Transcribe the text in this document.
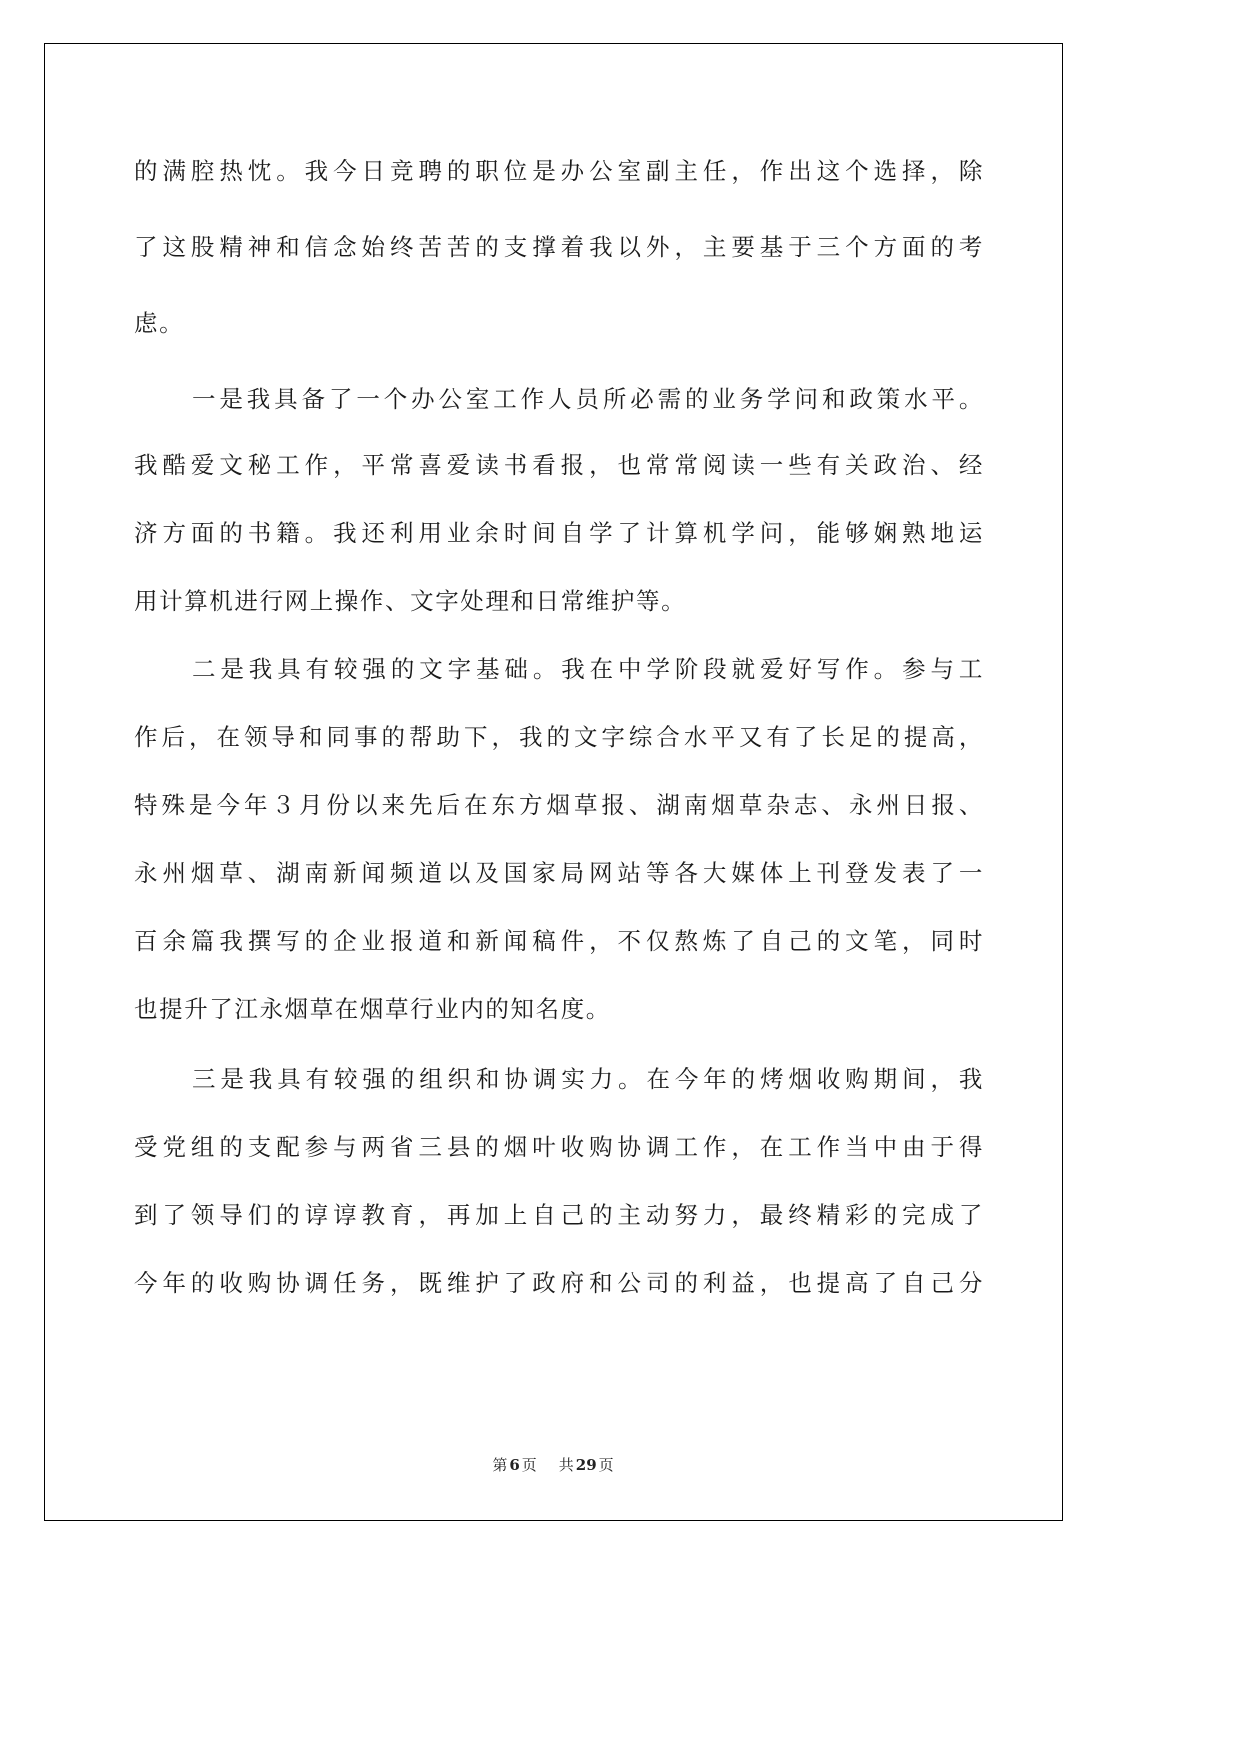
的满腔热忱。我今日竞聘的职位是办公室副主任，作出这个选择，除
了这股精神和信念始终苦苦的支撑着我以外，主要基于三个方面的考
虑。
一是我具备了一个办公室工作人员所必需的业务学问和政策水平。
我酷爱文秘工作，平常喜爱读书看报，也常常阅读一些有关政治、经
济方面的书籍。我还利用业余时间自学了计算机学问，能够娴熟地运
用计算机进行网上操作、文字处理和日常维护等。
二是我具有较强的文字基础。我在中学阶段就爱好写作。参与工
作后，在领导和同事的帮助下，我的文字综合水平又有了长足的提高，
特殊是今年３月份以来先后在东方烟草报、湖南烟草杂志、永州日报、
永州烟草、湖南新闻频道以及国家局网站等各大媒体上刊登发表了一
百余篇我撰写的企业报道和新闻稿件，不仅熬炼了自己的文笔，同时
也提升了江永烟草在烟草行业内的知名度。
三是我具有较强的组织和协调实力。在今年的烤烟收购期间，我
受党组的支配参与两省三县的烟叶收购协调工作，在工作当中由于得
到了领导们的谆谆教育，再加上自己的主动努力，最终精彩的完成了
今年的收购协调任务，既维护了政府和公司的利益，也提高了自己分
第 6 页 共 29 页
